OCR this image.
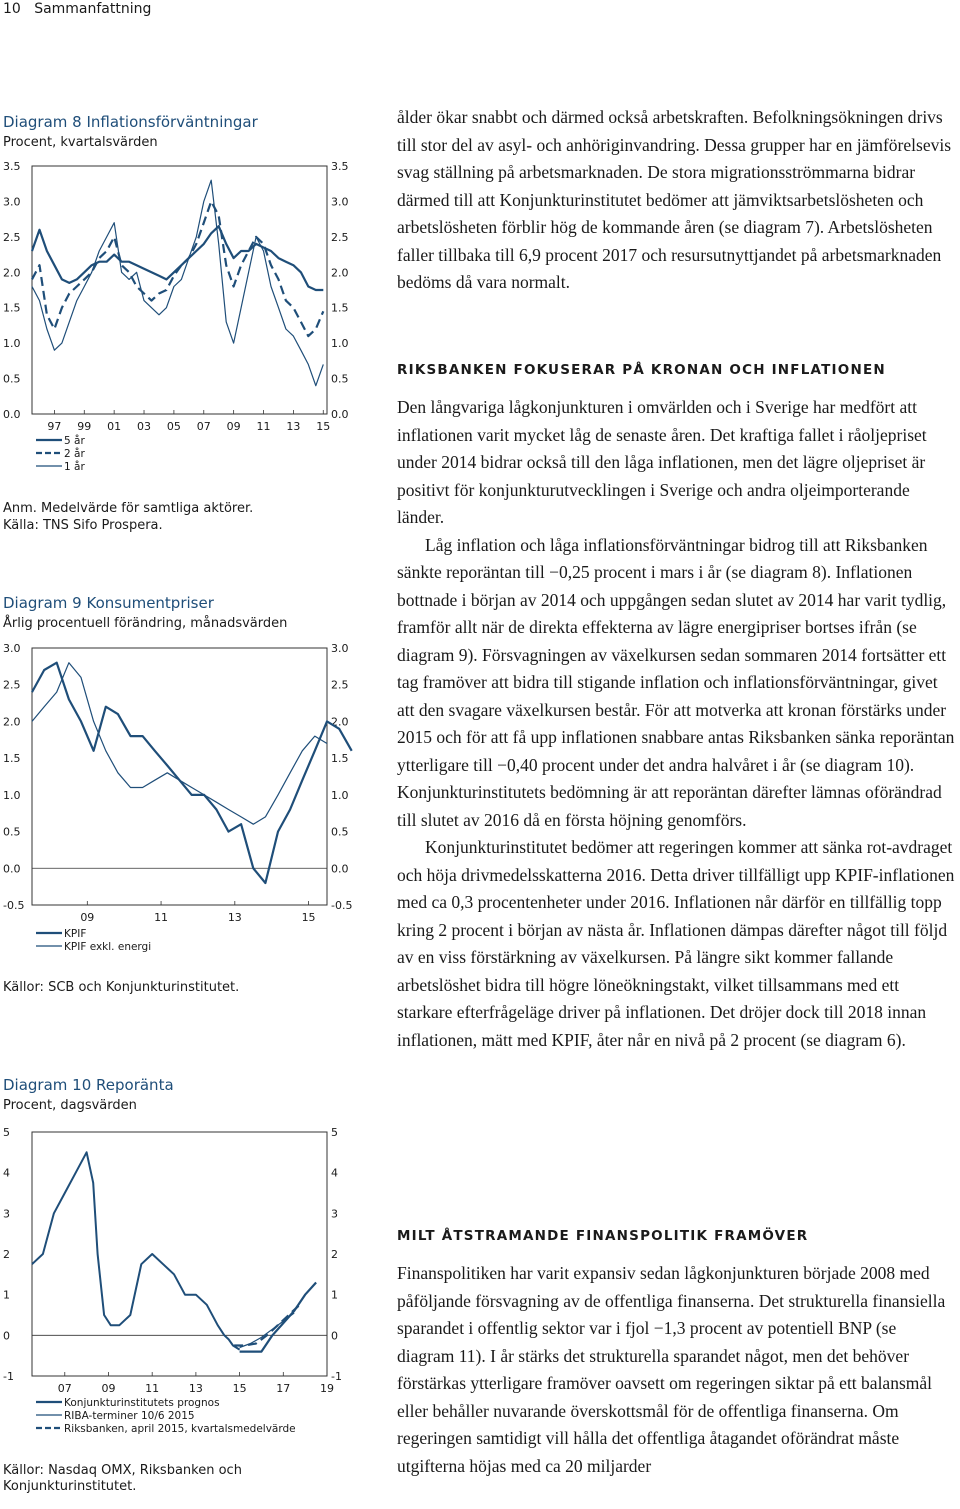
10 Sammanfattning
Diagram 8 Inflationsförväntningar
Procent, kvartalsvärden
3.5	3.5
3.0	3.0
2.5	2.5
2.0	2.0
1.5	1.5
1.0	1.0
0.5	0.5
0.0	0.0
97 99 01 03 05 07 09 11 13 15
5 år
2 år
1 år
Anm. Medelvärde för samtliga aktörer.
Källa: TNS Sifo Prospera.
Diagram 9 Konsumentpriser
Årlig procentuell förändring, månadsvärden
3.0	3.0
2.5	2.5
2.0	2.0
1.5	1.5
1.0	1.0
0.5	0.5
0.0	0.0
-0.5	-0.5
09	11	13	15
KPIF
KPIF exkl. energi
Källor: SCB och Konjunkturinstitutet.
Diagram 10 Reporänta
Procent, dagsvärden
5	5
4	4
3	3
2	2
1	1
0	0
-1	-1
07	09	11	13	15	17	19
Konjunkturinstitutets prognos
RIBA-terminer 10/6 2015
Riksbanken, april 2015, kvartalsmedelvärde
Källor: Nasdaq OMX, Riksbanken och
Konjunkturinstitutet.

ålder ökar snabbt och därmed också arbetskraften. Befolkningsökningen drivs till stor del av asyl- och anhöriginvandring. Dessa grupper har en jämförelsevis svag ställning på arbetsmarknaden. De stora migrationsströmmarna bidrar därmed till att Konjunkturinstitutet bedömer att jämviktsarbetslösheten och arbetslösheten förblir hög de kommande åren (se diagram 7). Arbetslösheten faller tillbaka till 6,9 procent 2017 och resursutnyttjandet på arbetsmarknaden bedöms då vara normalt.

RIKSBANKEN FOKUSERAR PÅ KRONAN OCH INFLATIONEN

Den långvariga lågkonjunkturen i omvärlden och i Sverige har medfört att inflationen varit mycket låg de senaste åren. Det kraftiga fallet i råoljepriset under 2014 bidrar också till den låga inflationen, men det lägre oljepriset är positivt för konjunkturutvecklingen i Sverige och andra oljeimporterande länder.

Låg inflation och låga inflationsförväntningar bidrog till att Riksbanken sänkte reporäntan till −0,25 procent i mars i år (se diagram 8). Inflationen bottnade i början av 2014 och uppgången sedan slutet av 2014 har varit tydlig, framför allt när de direkta effekterna av lägre energipriser bortses ifrån (se diagram 9). Försvagningen av växelkursen sedan sommaren 2014 fortsätter ett tag framöver att bidra till stigande inflation och inflationsförväntningar, givet att den svagare växelkursen består. För att motverka att kronan förstärks under 2015 och för att få upp inflationen snabbare antas Riksbanken sänka reporäntan ytterligare till −0,40 procent under det andra halvåret i år (se diagram 10). Konjunkturinstitutets bedömning är att reporäntan därefter lämnas oförändrad till slutet av 2016 då en första höjning genomförs.

Konjunkturinstitutet bedömer att regeringen kommer att sänka rot-avdraget och höja drivmedelsskatterna 2016. Detta driver tillfälligt upp KPIF-inflationen med ca 0,3 procentenheter under 2016. Inflationen når därför en tillfällig topp kring 2 procent i början av nästa år. Inflationen dämpas därefter något till följd av en viss förstärkning av växelkursen. På längre sikt kommer fallande arbetslöshet bidra till högre löneökningstakt, vilket tillsammans med ett starkare efterfrågeläge driver på inflationen. Det dröjer dock till 2018 innan inflationen, mätt med KPIF, åter når en nivå på 2 procent (se diagram 6).

MILT ÅTSTRAMANDE FINANSPOLITIK FRAMÖVER

Finanspolitiken har varit expansiv sedan lågkonjunkturen började 2008 med påföljande försvagning av de offentliga finanserna. Det strukturella finansiella sparandet i offentlig sektor var i fjol −1,3 procent av potentiell BNP (se diagram 11). I år stärks det strukturella sparandet något, men det behöver förstärkas ytterligare framöver oavsett om regeringen siktar på ett balansmål eller behåller nuvarande överskottsmål för de offentliga finanserna. Om regeringen samtidigt vill hålla det offentliga åtagandet oförändrat måste utgifterna höjas med ca 20 miljarder
